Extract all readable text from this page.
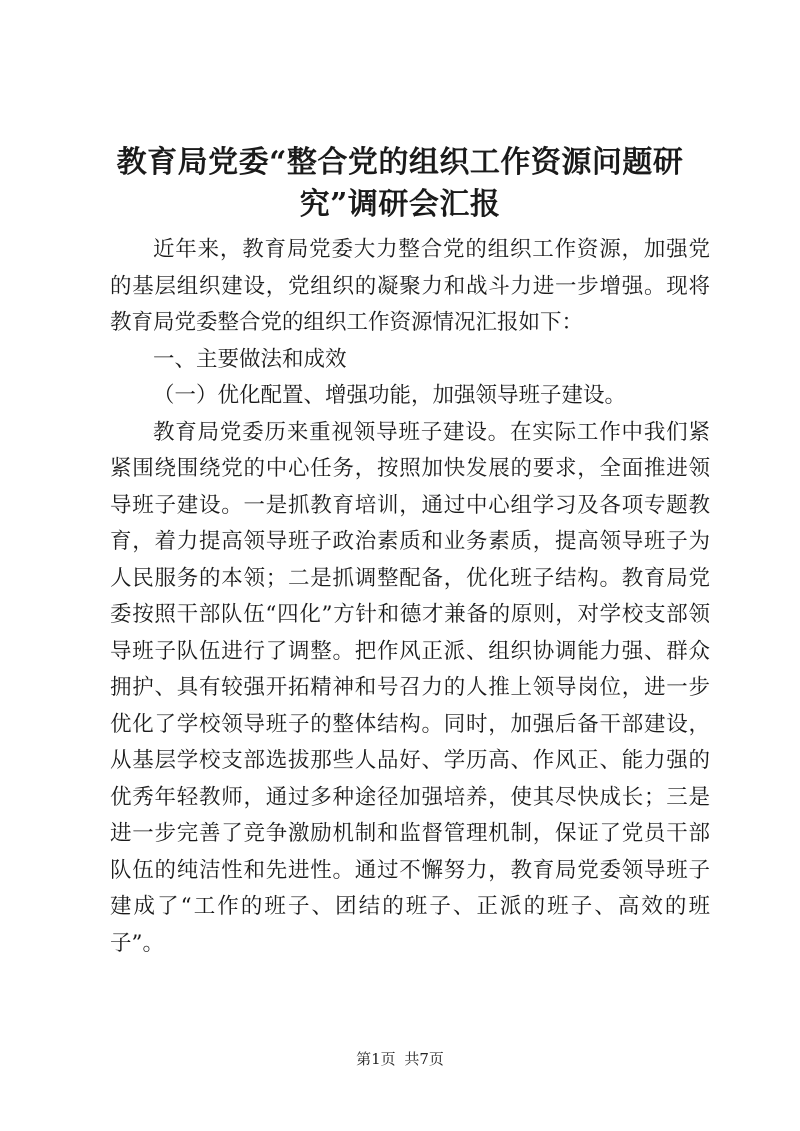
教育局党委“整合党的组织工作资源问题研究”调研会汇报

近年来，教育局党委大力整合党的组织工作资源，加强党的基层组织建设，党组织的凝聚力和战斗力进一步增强。现将教育局党委整合党的组织工作资源情况汇报如下：

一、主要做法和成效

（一）优化配置、增强功能，加强领导班子建设。

教育局党委历来重视领导班子建设。在实际工作中我们紧紧围绕围绕党的中心任务，按照加快发展的要求，全面推进领导班子建设。一是抓教育培训，通过中心组学习及各项专题教育，着力提高领导班子政治素质和业务素质，提高领导班子为人民服务的本领；二是抓调整配备，优化班子结构。教育局党委按照干部队伍“四化”方针和德才兼备的原则，对学校支部领导班子队伍进行了调整。把作风正派、组织协调能力强、群众拥护、具有较强开拓精神和号召力的人推上领导岗位，进一步优化了学校领导班子的整体结构。同时，加强后备干部建设，从基层学校支部选拔那些人品好、学历高、作风正、能力强的优秀年轻教师，通过多种途径加强培养，使其尽快成长；三是进一步完善了竞争激励机制和监督管理机制，保证了党员干部队伍的纯洁性和先进性。通过不懈努力，教育局党委领导班子建成了“工作的班子、团结的班子、正派的班子、高效的班子”。

第1页 共7页
